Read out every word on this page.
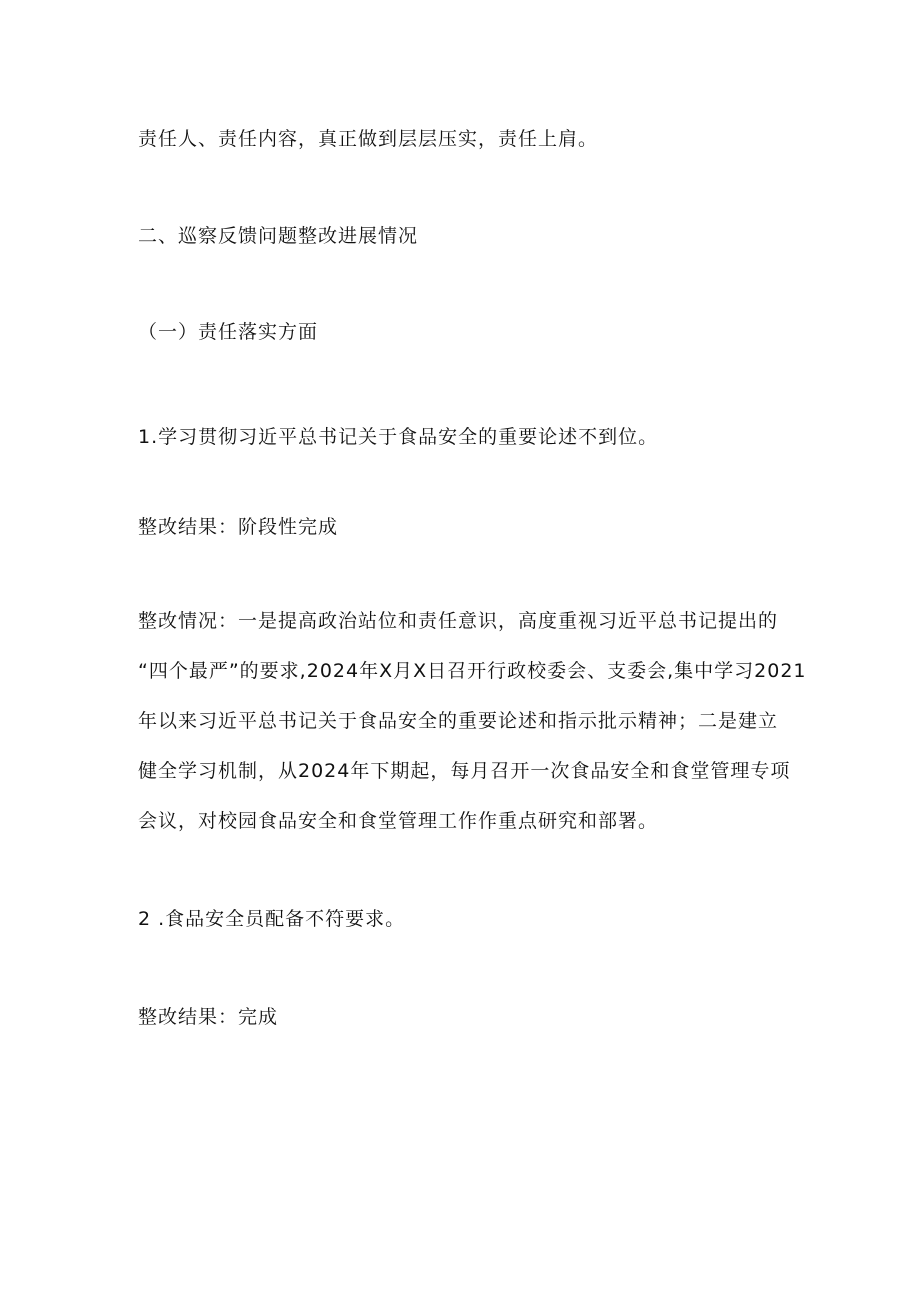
责任人、责任内容，真正做到层层压实，责任上肩。
二、巡察反馈问题整改进展情况
（一）责任落实方面
1.学习贯彻习近平总书记关于食品安全的重要论述不到位。
整改结果：阶段性完成
整改情况：一是提高政治站位和责任意识，高度重视习近平总书记提出的
“四个最严”的要求,2024年X月X日召开行政校委会、支委会,集中学习2021
年以来习近平总书记关于食品安全的重要论述和指示批示精神；二是建立
健全学习机制，从2024年下期起，每月召开一次食品安全和食堂管理专项
会议，对校园食品安全和食堂管理工作作重点研究和部署。
2 .食品安全员配备不符要求。
整改结果：完成
